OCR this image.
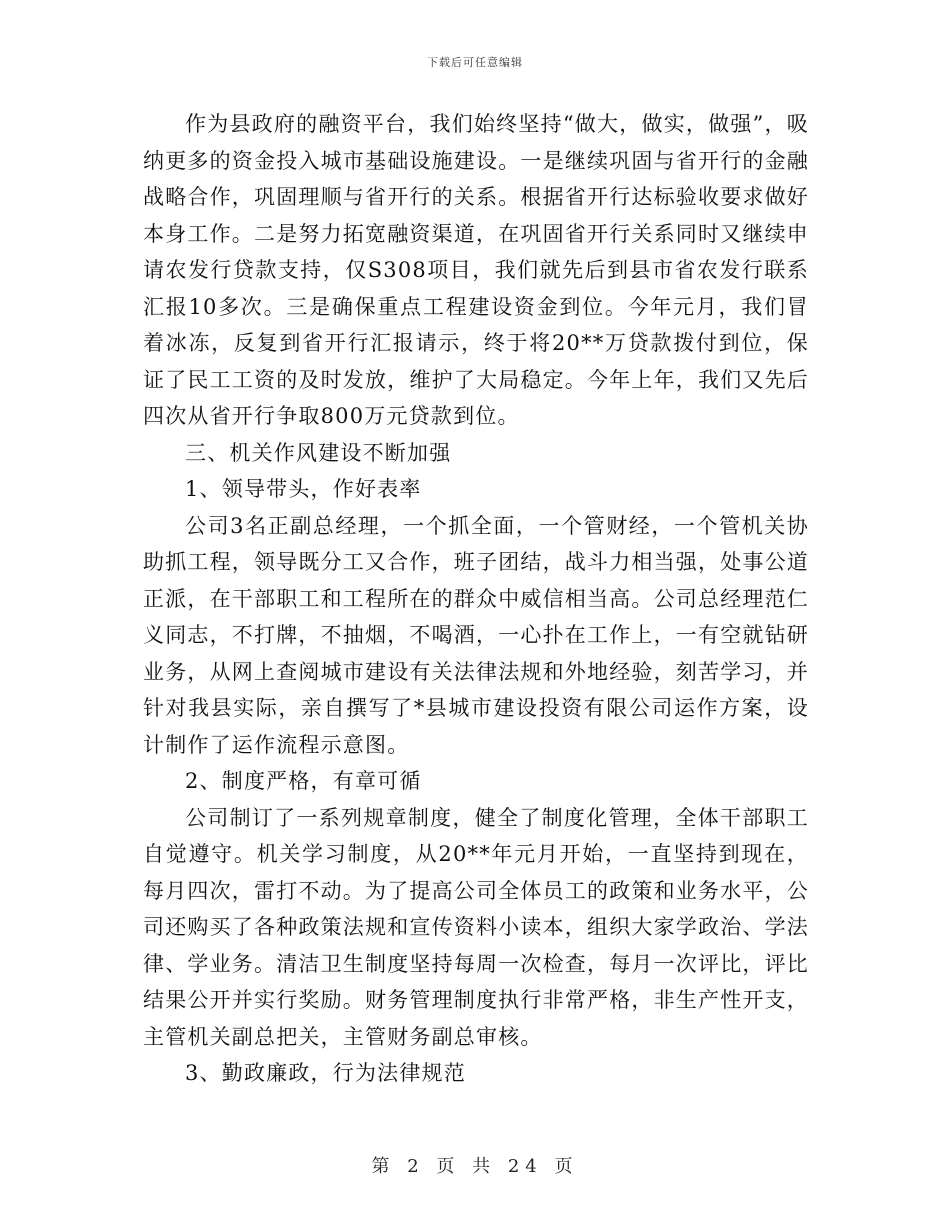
下载后可任意编辑

作为县政府的融资平台，我们始终坚持“做大，做实，做强”，吸纳更多的资金投入城市基础设施建设。一是继续巩固与省开行的金融战略合作，巩固理顺与省开行的关系。根据省开行达标验收要求做好本身工作。二是努力拓宽融资渠道，在巩固省开行关系同时又继续申请农发行贷款支持，仅S308项目，我们就先后到县市省农发行联系汇报10多次。三是确保重点工程建设资金到位。今年元月，我们冒着冰冻，反复到省开行汇报请示，终于将20**万贷款拨付到位，保证了民工工资的及时发放，维护了大局稳定。今年上年，我们又先后四次从省开行争取800万元贷款到位。

三、机关作风建设不断加强

1、领导带头，作好表率

公司3名正副总经理，一个抓全面，一个管财经，一个管机关协助抓工程，领导既分工又合作，班子团结，战斗力相当强，处事公道正派，在干部职工和工程所在的群众中威信相当高。公司总经理范仁义同志，不打牌，不抽烟，不喝酒，一心扑在工作上，一有空就钻研业务，从网上查阅城市建设有关法律法规和外地经验，刻苦学习，并针对我县实际，亲自撰写了*县城市建设投资有限公司运作方案，设计制作了运作流程示意图。

2、制度严格，有章可循

公司制订了一系列规章制度，健全了制度化管理，全体干部职工自觉遵守。机关学习制度，从20**年元月开始，一直坚持到现在，每月四次，雷打不动。为了提高公司全体员工的政策和业务水平，公司还购买了各种政策法规和宣传资料小读本，组织大家学政治、学法律、学业务。清洁卫生制度坚持每周一次检查，每月一次评比，评比结果公开并实行奖励。财务管理制度执行非常严格，非生产性开支，主管机关副总把关，主管财务副总审核。

3、勤政廉政，行为法律规范

第 2 页 共 24 页
